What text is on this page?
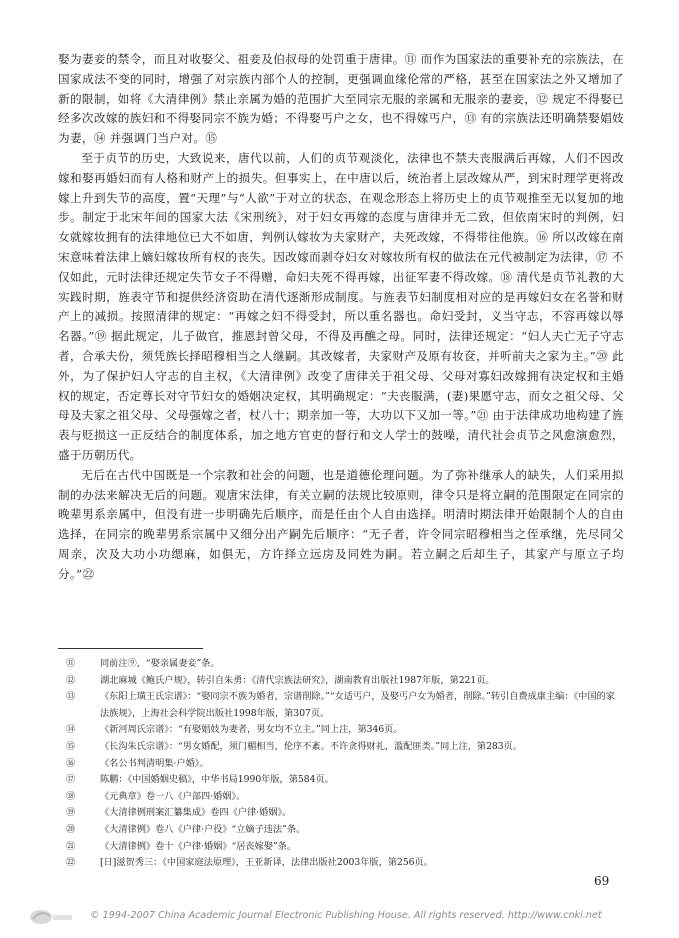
娶为妻妾的禁令，而且对收娶父、祖妾及伯叔母的处罚重于唐律。⑪ 而作为国家法的重要补充的宗族法，在国家成法不变的同时，增强了对宗族内部个人的控制，更强调血缘伦常的严格，甚至在国家法之外又增加了新的限制，如将《大清律例》禁止亲属为婚的范围扩大至同宗无服的亲属和无服亲的妻妾，⑫ 规定不得娶已经多次改嫁的族妇和不得娶同宗不族为婚；不得娶丐户之女，也不得嫁丐户，⑬ 有的宗族法还明确禁娶娼妓为妻，⑭ 并强调门当户对。⑮

至于贞节的历史，大致说来，唐代以前，人们的贞节观淡化，法律也不禁夫丧服满后再嫁，人们不因改嫁和娶再婚妇而有人格和财产上的损失。但事实上，在中唐以后，统治者上层改嫁从严，到宋时理学更将改嫁上升到失节的高度，置“天理”与“人欲”于对立的状态，在观念形态上将历史上的贞节观推至无以复加的地步。制定于北宋年间的国家大法《宋刑统》，对于妇女再嫁的态度与唐律并无二致，但依南宋时的判例，妇女就嫁妆拥有的法律地位已大不如唐，判例认嫁妆为夫家财产，夫死改嫁，不得带往他族。⑯ 所以改嫁在南宋意味着法律上嫡妇嫁妆所有权的丧失。因改嫁而剥夺妇女对嫁妆所有权的做法在元代被制定为法律，⑰ 不仅如此，元时法律还规定失节女子不得赠，命妇夫死不得再嫁，出征军妻不得改嫁。⑱ 清代是贞节礼教的大实践时期，旌表守节和提供经济资助在清代逐渐形成制度。与旌表节妇制度相对应的是再嫁妇女在名誉和财产上的减损。按照清律的规定：“再嫁之妇不得受封，所以重名器也。命妇受封，义当守志，不容再嫁以辱名器。”⑲ 据此规定，儿子做官，推恩封曾父母，不得及再醮之母。同时，法律还规定：“妇人夫亡无子守志者，合承夫份，须凭族长择昭穆相当之人继嗣。其改嫁者，夫家财产及原有妆奁，并听前夫之家为主。”⑳ 此外，为了保护妇人守志的自主权，《大清律例》改变了唐律关于祖父母、父母对寡妇改嫁拥有决定权和主婚权的规定，否定尊长对守节妇女的婚姻决定权，其明确规定：“夫丧服满，(妻)果愿守志，而女之祖父母、父母及夫家之祖父母、父母强嫁之者，杖八十；期亲加一等，大功以下又加一等。”㉑ 由于法律成功地构建了旌表与贬损这一正反结合的制度体系，加之地方官吏的督行和文人学士的鼓噪，清代社会贞节之风愈演愈烈，盛于历朝历代。

无后在古代中国既是一个宗教和社会的问题，也是道德伦理问题。为了弥补继承人的缺失，人们采用拟制的办法来解决无后的问题。观唐宋法律，有关立嗣的法规比较原则，律令只是将立嗣的范围限定在同宗的晚辈男系亲属中，但没有进一步明确先后顺序，而是任由个人自由选择。明清时期法律开始限制个人的自由选择，在同宗的晚辈男系宗属中又细分出产嗣先后顺序：“无子者，许令同宗昭穆相当之侄承继，先尽同父周亲，次及大功小功缌麻，如俱无，方许择立远房及同姓为嗣。若立嗣之后却生子，其家产与原立子均分。”㉒

⑪	同前注⑨，“娶亲属妻妾”条。
⑫	湖北麻城《鲍氏户规》，转引自朱勇：《清代宗族法研究》，湖南教育出版社1987年版，第221页。
⑬	《东阳上璜王氏宗谱》：“娶同宗不族为婚者，宗谱削除。”“女适丐户，及娶丐户女为婚者，削除。”转引自费成康主编：《中国的家法族规》，上海社会科学院出版社1998年版，第307页。
⑭	《新河周氏宗谱》：“有娶娼妓为妻者，男女均不立主。”同上注，第346页。
⑮	《长沟朱氏宗谱》：“男女婚配，须门楣相当，伦序不紊。不许贪得财礼，滥配匪类。”同上注，第283页。
⑯	《名公书判清明集·户婚》。
⑰	陈鹏：《中国婚姻史稿》，中华书局1990年版，第584页。
⑱	《元典章》卷一八《户部四·婚姻》。
⑲	《大清律例刑案汇纂集成》卷四《户律·婚姻》。
⑳	《大清律例》卷八《户律·户役》“立嫡子违法”条。
㉑	《大清律例》卷十《户律·婚姻》“居丧嫁娶”条。
㉒	[日]滋贺秀三：《中国家庭法原理》，王亚新译，法律出版社2003年版，第256页。
69
© 1994-2007 China Academic Journal Electronic Publishing House. All rights reserved. http://www.cnki.net
